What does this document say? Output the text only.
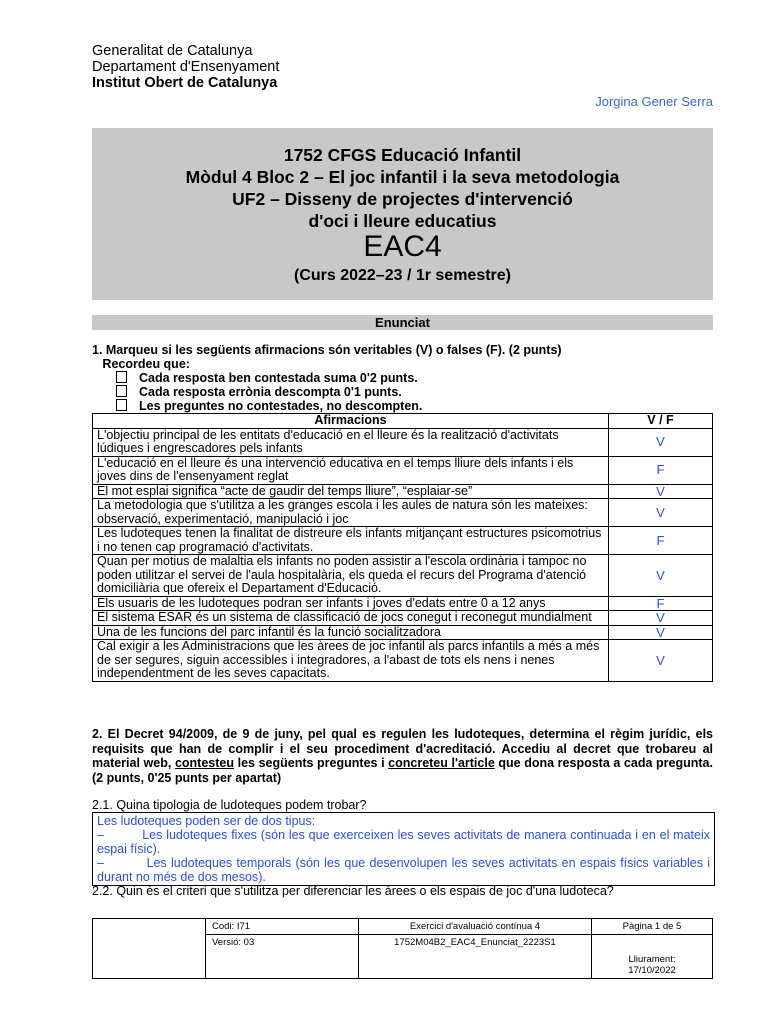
Generalitat de Catalunya
Departament d'Ensenyament
Institut Obert de Catalunya
Jorgina Gener Serra
1752 CFGS Educació Infantil
Mòdul 4 Bloc 2 – El joc infantil i la seva metodologia
UF2 – Disseny de projectes d'intervenció
d'oci i lleure educatius
EAC4
(Curs 2022–23 / 1r semestre)
Enunciat
1. Marqueu si les següents afirmacions són veritables (V) o falses (F). (2 punts)
Recordeu que:
Cada resposta ben contestada suma 0'2 punts.
Cada resposta errònia descompta 0'1 punts.
Les preguntes no contestades, no descompten.
Afirmacions	V / F
L'objectiu principal de les entitats d'educació en el lleure és la realització d'activitats lúdiques i engrescadores pels infants	V
L'educació en el lleure és una intervenció educativa en el temps lliure dels infants i els joves dins de l'ensenyament reglat	F
El mot esplai significa “acte de gaudir del temps lliure”, “esplaiar-se”	V
La metodologia que s'utilitza a les granges escola i les aules de natura són les mateixes: observació, experimentació, manipulació i joc	V
Les ludoteques tenen la finalitat de distreure els infants mitjançant estructures psicomotrius i no tenen cap programació d'activitats.	F
Quan per motius de malaltia els infants no poden assistir a l'escola ordinària i tampoc no poden utilitzar el servei de l'aula hospitalària, els queda el recurs del Programa d'atenció domiciliària que ofereix el Departament d'Educació.	V
Els usuaris de les ludoteques podran ser infants i joves d'edats entre 0 a 12 anys	F
El sistema ESAR és un sistema de classificació de jocs conegut i reconegut mundialment	V
Una de les funcions del parc infantil és la funció socialitzadora	V
Cal exigir a les Administracions que les àrees de joc infantil als parcs infantils a més a més de ser segures, siguin accessibles i integradores, a l'abast de tots els nens i nenes independentment de les seves capacitats.	V
2. El Decret 94/2009, de 9 de juny, pel qual es regulen les ludoteques, determina el règim jurídic, els requisits que han de complir i el seu procediment d'acreditació. Accediu al decret que trobareu al material web, contesteu les següents preguntes i concreteu l'article que dona resposta a cada pregunta. (2 punts, 0'25 punts per apartat)
2.1. Quina tipologia de ludoteques podem trobar?
Les ludoteques poden ser de dos tipus:
–	Les ludoteques fixes (són les que exerceixen les seves activitats de manera continuada i en el mateix espai físic).
–	Les ludoteques temporals (són les que desenvolupen les seves activitats en espais físics variables i durant no més de dos mesos).
2.2. Quin és el criteri que s'utilitza per diferenciar les àrees o els espais de joc d'una ludoteca?
	Codi: I71	Exercici d'avaluació contínua 4	Pàgina 1 de 5
	Versió: 03	1752M04B2_EAC4_Enunciat_2223S1	Lliurament:
17/10/2022
